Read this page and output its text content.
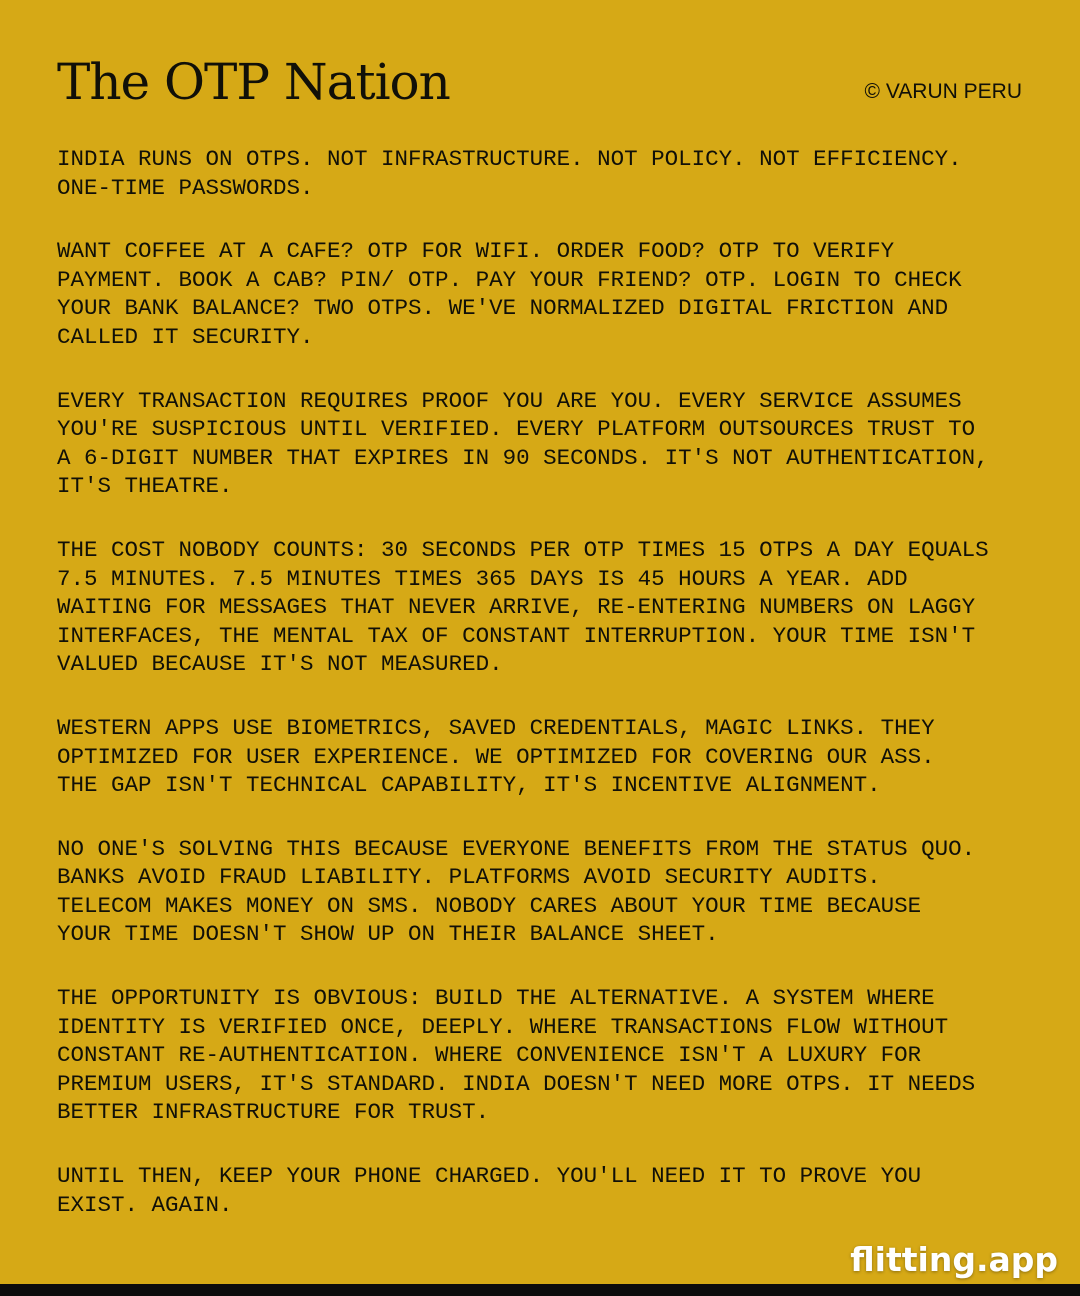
The OTP Nation	© VARUN PERU

INDIA RUNS ON OTPS. NOT INFRASTRUCTURE. NOT POLICY. NOT EFFICIENCY.
ONE-TIME PASSWORDS.

WANT COFFEE AT A CAFE? OTP FOR WIFI. ORDER FOOD? OTP TO VERIFY
PAYMENT. BOOK A CAB? PIN/ OTP. PAY YOUR FRIEND? OTP. LOGIN TO CHECK
YOUR BANK BALANCE? TWO OTPS. WE'VE NORMALIZED DIGITAL FRICTION AND
CALLED IT SECURITY.

EVERY TRANSACTION REQUIRES PROOF YOU ARE YOU. EVERY SERVICE ASSUMES
YOU'RE SUSPICIOUS UNTIL VERIFIED. EVERY PLATFORM OUTSOURCES TRUST TO
A 6-DIGIT NUMBER THAT EXPIRES IN 90 SECONDS. IT'S NOT AUTHENTICATION,
IT'S THEATRE.

THE COST NOBODY COUNTS: 30 SECONDS PER OTP TIMES 15 OTPS A DAY EQUALS
7.5 MINUTES. 7.5 MINUTES TIMES 365 DAYS IS 45 HOURS A YEAR. ADD
WAITING FOR MESSAGES THAT NEVER ARRIVE, RE-ENTERING NUMBERS ON LAGGY
INTERFACES, THE MENTAL TAX OF CONSTANT INTERRUPTION. YOUR TIME ISN'T
VALUED BECAUSE IT'S NOT MEASURED.

WESTERN APPS USE BIOMETRICS, SAVED CREDENTIALS, MAGIC LINKS. THEY
OPTIMIZED FOR USER EXPERIENCE. WE OPTIMIZED FOR COVERING OUR ASS.
THE GAP ISN'T TECHNICAL CAPABILITY, IT'S INCENTIVE ALIGNMENT.

NO ONE'S SOLVING THIS BECAUSE EVERYONE BENEFITS FROM THE STATUS QUO.
BANKS AVOID FRAUD LIABILITY. PLATFORMS AVOID SECURITY AUDITS.
TELECOM MAKES MONEY ON SMS. NOBODY CARES ABOUT YOUR TIME BECAUSE
YOUR TIME DOESN'T SHOW UP ON THEIR BALANCE SHEET.

THE OPPORTUNITY IS OBVIOUS: BUILD THE ALTERNATIVE. A SYSTEM WHERE
IDENTITY IS VERIFIED ONCE, DEEPLY. WHERE TRANSACTIONS FLOW WITHOUT
CONSTANT RE-AUTHENTICATION. WHERE CONVENIENCE ISN'T A LUXURY FOR
PREMIUM USERS, IT'S STANDARD. INDIA DOESN'T NEED MORE OTPS. IT NEEDS
BETTER INFRASTRUCTURE FOR TRUST.

UNTIL THEN, KEEP YOUR PHONE CHARGED. YOU'LL NEED IT TO PROVE YOU
EXIST. AGAIN.

flitting.app
